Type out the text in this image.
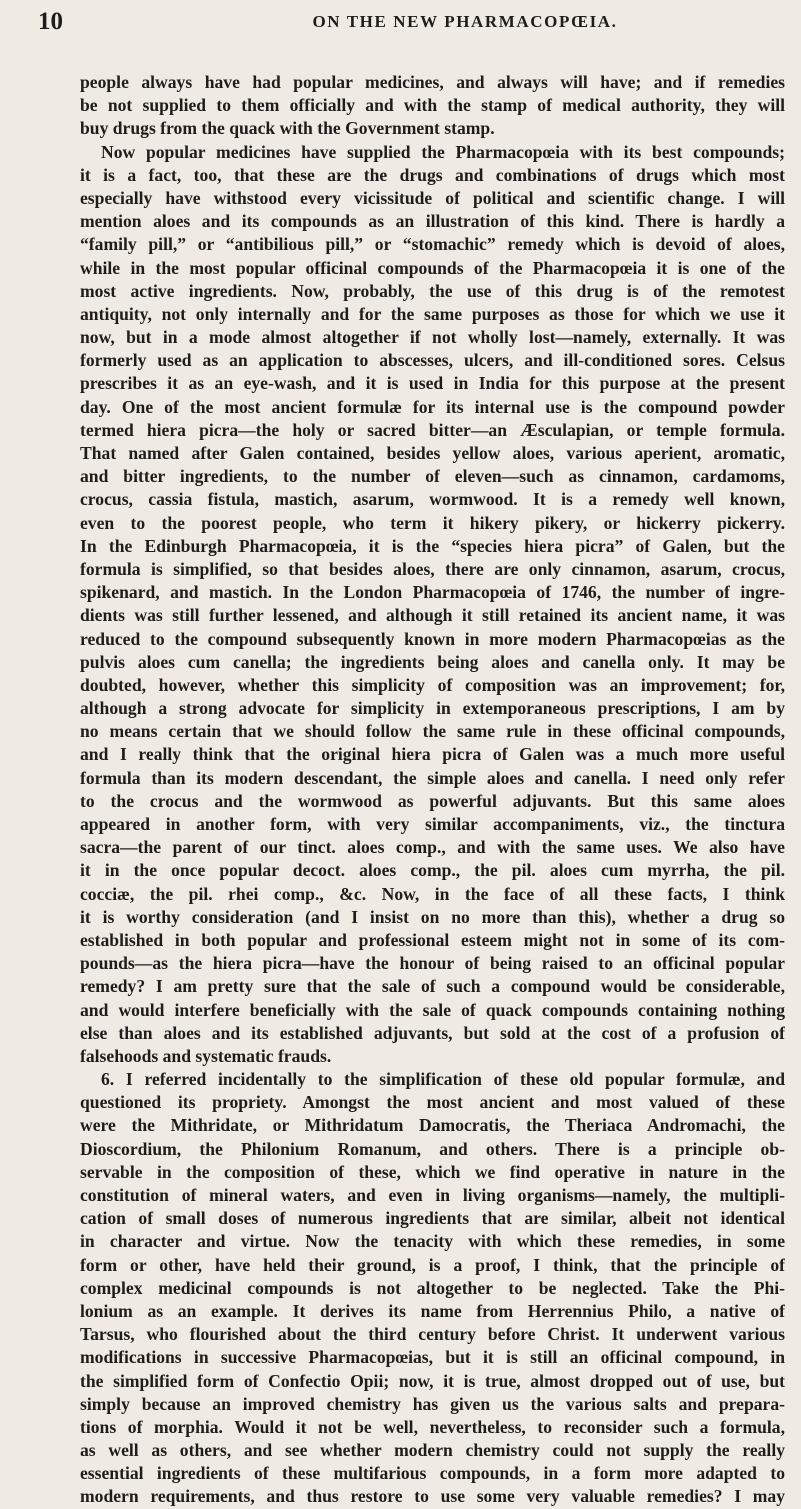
10	ON THE NEW PHARMACOPŒIA.
people always have had popular medicines, and always will have; and if remedies
be not supplied to them officially and with the stamp of medical authority, they will
buy drugs from the quack with the Government stamp.
Now popular medicines have supplied the Pharmacopœia with its best compounds;
it is a fact, too, that these are the drugs and combinations of drugs which most
especially have withstood every vicissitude of political and scientific change. I will
mention aloes and its compounds as an illustration of this kind. There is hardly a
“family pill,” or “antibilious pill,” or “stomachic” remedy which is devoid of aloes,
while in the most popular officinal compounds of the Pharmacopœia it is one of the
most active ingredients. Now, probably, the use of this drug is of the remotest
antiquity, not only internally and for the same purposes as those for which we use it
now, but in a mode almost altogether if not wholly lost—namely, externally. It was
formerly used as an application to abscesses, ulcers, and ill-conditioned sores. Celsus
prescribes it as an eye-wash, and it is used in India for this purpose at the present
day. One of the most ancient formulæ for its internal use is the compound powder
termed hiera picra—the holy or sacred bitter—an Æsculapian, or temple formula.
That named after Galen contained, besides yellow aloes, various aperient, aromatic,
and bitter ingredients, to the number of eleven—such as cinnamon, cardamoms,
crocus, cassia fistula, mastich, asarum, wormwood. It is a remedy well known,
even to the poorest people, who term it hikery pikery, or hickerry pickerry.
In the Edinburgh Pharmacopœia, it is the “species hiera picra” of Galen, but the
formula is simplified, so that besides aloes, there are only cinnamon, asarum, crocus,
spikenard, and mastich. In the London Pharmacopœia of 1746, the number of ingre-
dients was still further lessened, and although it still retained its ancient name, it was
reduced to the compound subsequently known in more modern Pharmacopœias as the
pulvis aloes cum canella; the ingredients being aloes and canella only. It may be
doubted, however, whether this simplicity of composition was an improvement; for,
although a strong advocate for simplicity in extemporaneous prescriptions, I am by
no means certain that we should follow the same rule in these officinal compounds,
and I really think that the original hiera picra of Galen was a much more useful
formula than its modern descendant, the simple aloes and canella. I need only refer
to the crocus and the wormwood as powerful adjuvants. But this same aloes
appeared in another form, with very similar accompaniments, viz., the tinctura
sacra—the parent of our tinct. aloes comp., and with the same uses. We also have
it in the once popular decoct. aloes comp., the pil. aloes cum myrrha, the pil.
cocciæ, the pil. rhei comp., &c. Now, in the face of all these facts, I think
it is worthy consideration (and I insist on no more than this), whether a drug so
established in both popular and professional esteem might not in some of its com-
pounds—as the hiera picra—have the honour of being raised to an officinal popular
remedy? I am pretty sure that the sale of such a compound would be considerable,
and would interfere beneficially with the sale of quack compounds containing nothing
else than aloes and its established adjuvants, but sold at the cost of a profusion of
falsehoods and systematic frauds.
6. I referred incidentally to the simplification of these old popular formulæ, and
questioned its propriety. Amongst the most ancient and most valued of these
were the Mithridate, or Mithridatum Damocratis, the Theriaca Andromachi, the
Dioscordium, the Philonium Romanum, and others. There is a principle ob-
servable in the composition of these, which we find operative in nature in the
constitution of mineral waters, and even in living organisms—namely, the multipli-
cation of small doses of numerous ingredients that are similar, albeit not identical
in character and virtue. Now the tenacity with which these remedies, in some
form or other, have held their ground, is a proof, I think, that the principle of
complex medicinal compounds is not altogether to be neglected. Take the Phi-
lonium as an example. It derives its name from Herrennius Philo, a native of
Tarsus, who flourished about the third century before Christ. It underwent various
modifications in successive Pharmacopœias, but it is still an officinal compound, in
the simplified form of Confectio Opii; now, it is true, almost dropped out of use, but
simply because an improved chemistry has given us the various salts and prepara-
tions of morphia. Would it not be well, nevertheless, to reconsider such a formula,
as well as others, and see whether modern chemistry could not supply the really
essential ingredients of these multifarious compounds, in a form more adapted to
modern requirements, and thus restore to use some very valuable remedies? I may
